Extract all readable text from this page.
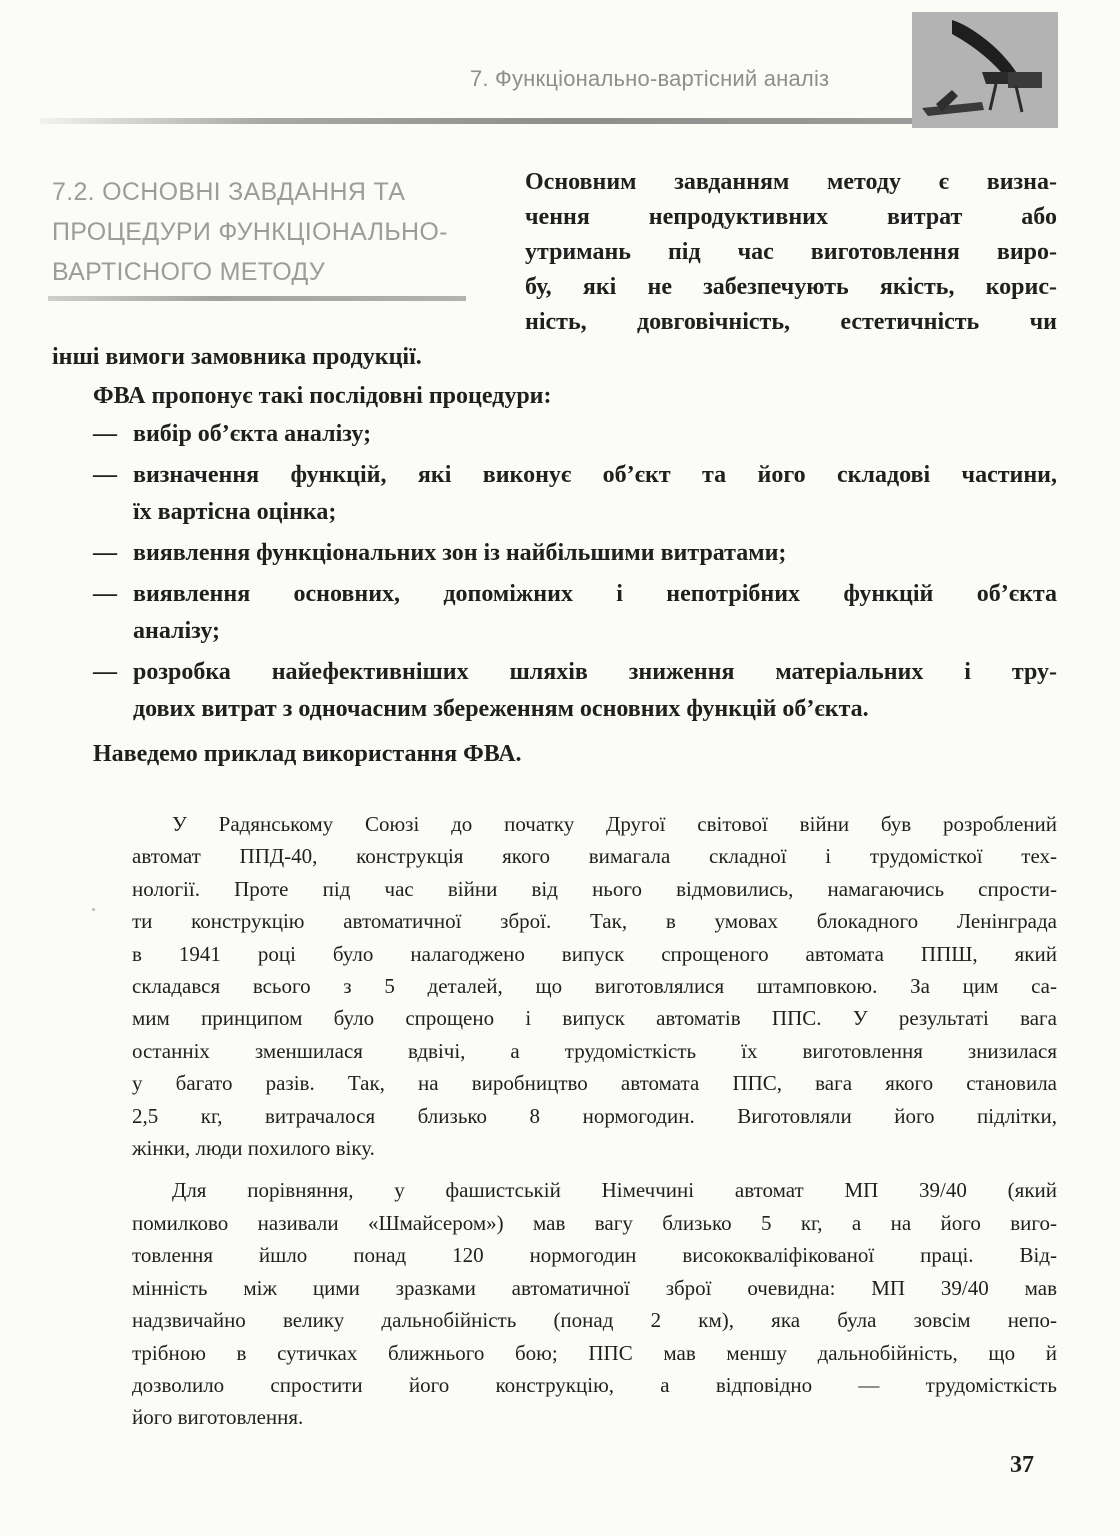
7. Функціонально-вартісний аналіз
7.2. ОСНОВНІ ЗАВДАННЯ ТА
ПРОЦЕДУРИ ФУНКЦІОНАЛЬНО-
ВАРТІСНОГО МЕТОДУ
Основним завданням методу є визна-
чення непродуктивних витрат або
утримань під час виготовлення виро-
бу, які не забезпечують якість, корис-
ність, довговічність, естетичність чи
інші вимоги замовника продукції.
ФВА пропонує такі послідовні процедури:
— вибір об’єкта аналізу;
— визначення функцій, які виконує об’єкт та його складові частини,
їх вартісна оцінка;
— виявлення функціональних зон із найбільшими витратами;
— виявлення основних, допоміжних і непотрібних функцій об’єкта
аналізу;
— розробка найефективніших шляхів зниження матеріальних і тру-
дових витрат з одночасним збереженням основних функцій об’єкта.
Наведемо приклад використання ФВА.
У Радянському Союзі до початку Другої світової війни був розроблений
автомат ППД-40, конструкція якого вимагала складної і трудомісткої тех-
нології. Проте під час війни від нього відмовились, намагаючись спрости-
ти конструкцію автоматичної зброї. Так, в умовах блокадного Ленінграда
в 1941 році було налагоджено випуск спрощеного автомата ППШ, який
складався всього з 5 деталей, що виготовлялися штамповкою. За цим са-
мим принципом було спрощено і випуск автоматів ППС. У результаті вага
останніх зменшилася вдвічі, а трудомісткість їх виготовлення знизилася
у багато разів. Так, на виробництво автомата ППС, вага якого становила
2,5 кг, витрачалося близько 8 нормогодин. Виготовляли його підлітки,
жінки, люди похилого віку.
Для порівняння, у фашистській Німеччині автомат МП 39/40 (який
помилково називали «Шмайсером») мав вагу близько 5 кг, а на його виго-
товлення йшло понад 120 нормогодин висококваліфікованої праці. Від-
мінність між цими зразками автоматичної зброї очевидна: МП 39/40 мав
надзвичайно велику дальнобійність (понад 2 км), яка була зовсім непо-
трібною в сутичках ближнього бою; ППС мав меншу дальнобійність, що й
дозволило спростити його конструкцію, а відповідно — трудомісткість
його виготовлення.
37
